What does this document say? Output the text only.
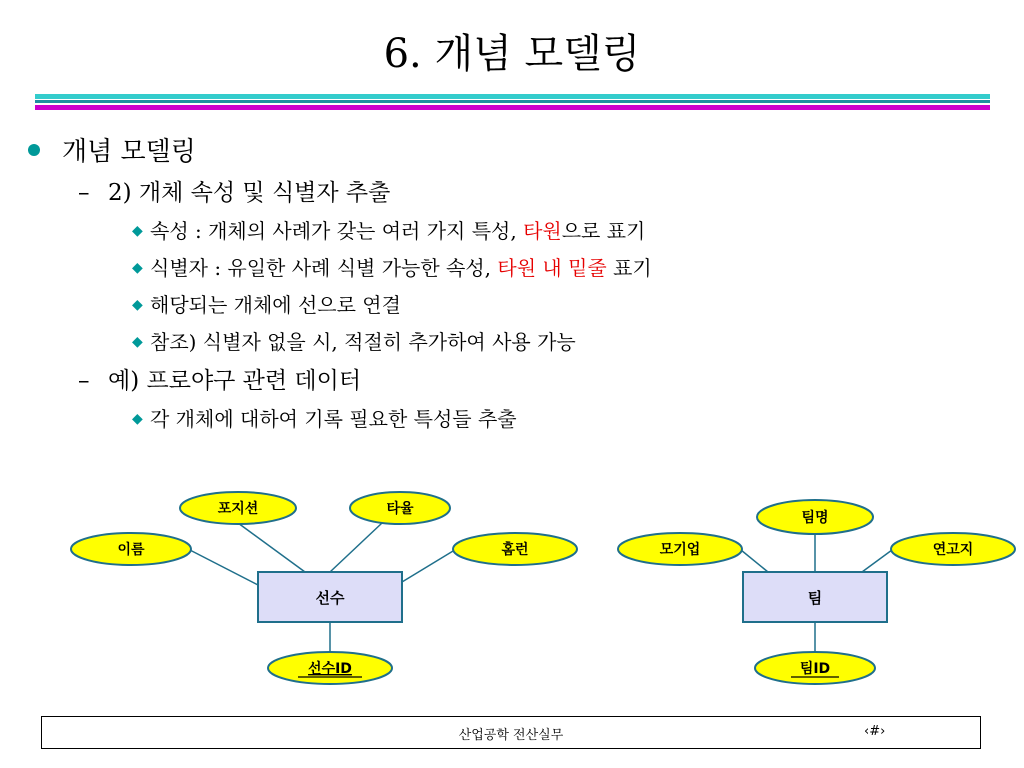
6. 개념 모델링
개념 모델링
– 2) 개체 속성 및 식별자 추출
◆ 속성 : 개체의 사례가 갖는 여러 가지 특성, 타원으로 표기
◆ 식별자 : 유일한 사례 식별 가능한 속성, 타원 내 밑줄 표기
◆ 해당되는 개체에 선으로 연결
◆ 참조) 식별자 없을 시, 적절히 추가하여 사용 가능
– 예) 프로야구 관련 데이터
◆ 각 개체에 대하여 기록 필요한 특성들 추출
선수
포지션	타율
이름	홈런
선수ID
팀
팀명
모기업	연고지
팀ID
산업공학 전산실무	‹#›
